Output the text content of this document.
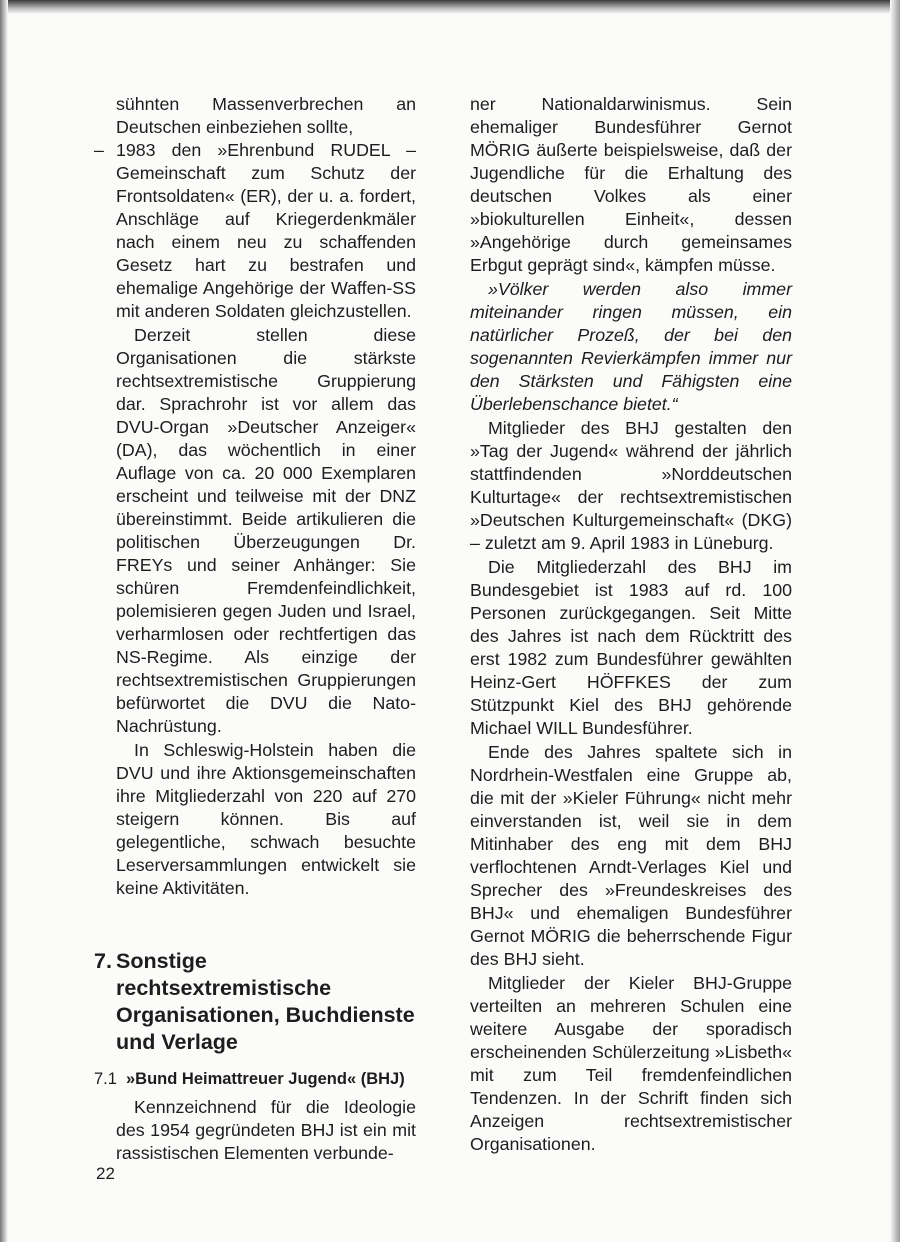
sühnten Massenverbrechen an Deutschen einbeziehen sollte,

– 1983 den »Ehrenbund RUDEL – Gemeinschaft zum Schutz der Frontsoldaten« (ER), der u. a. fordert, Anschläge auf Kriegerdenkmäler nach einem neu zu schaffenden Gesetz hart zu bestrafen und ehemalige Angehörige der Waffen-SS mit anderen Soldaten gleichzustellen.

Derzeit stellen diese Organisationen die stärkste rechtsextremistische Gruppierung dar. Sprachrohr ist vor allem das DVU-Organ »Deutscher Anzeiger« (DA), das wöchentlich in einer Auflage von ca. 20 000 Exemplaren erscheint und teilweise mit der DNZ übereinstimmt. Beide artikulieren die politischen Überzeugungen Dr. FREYs und seiner Anhänger: Sie schüren Fremdenfeindlichkeit, polemisieren gegen Juden und Israel, verharmlosen oder rechtfertigen das NS-Regime. Als einzige der rechtsextremistischen Gruppierungen befürwortet die DVU die Nato-Nachrüstung.

In Schleswig-Holstein haben die DVU und ihre Aktionsgemeinschaften ihre Mitgliederzahl von 220 auf 270 steigern können. Bis auf gelegentliche, schwach besuchte Leserversammlungen entwickelt sie keine Aktivitäten.

7. Sonstige rechtsextremistische Organisationen, Buchdienste und Verlage
7.1 »Bund Heimattreuer Jugend« (BHJ)

Kennzeichnend für die Ideologie des 1954 gegründeten BHJ ist ein mit rassistischen Elementen verbunde-

ner Nationaldarwinismus. Sein ehemaliger Bundesführer Gernot MÖRIG äußerte beispielsweise, daß der Jugendliche für die Erhaltung des deutschen Volkes als einer »biokulturellen Einheit«, dessen »Angehörige durch gemeinsames Erbgut geprägt sind«, kämpfen müsse.

»Völker werden also immer miteinander ringen müssen, ein natürlicher Prozeß, der bei den sogenannten Revierkämpfen immer nur den Stärksten und Fähigsten eine Überlebenschance bietet.“

Mitglieder des BHJ gestalten den »Tag der Jugend« während der jährlich stattfindenden »Norddeutschen Kulturtage« der rechtsextremistischen »Deutschen Kulturgemeinschaft« (DKG) – zuletzt am 9. April 1983 in Lüneburg.

Die Mitgliederzahl des BHJ im Bundesgebiet ist 1983 auf rd. 100 Personen zurückgegangen. Seit Mitte des Jahres ist nach dem Rücktritt des erst 1982 zum Bundesführer gewählten Heinz-Gert HÖFFKES der zum Stützpunkt Kiel des BHJ gehörende Michael WILL Bundesführer.

Ende des Jahres spaltete sich in Nordrhein-Westfalen eine Gruppe ab, die mit der »Kieler Führung« nicht mehr einverstanden ist, weil sie in dem Mitinhaber des eng mit dem BHJ verflochtenen Arndt-Verlages Kiel und Sprecher des »Freundeskreises des BHJ« und ehemaligen Bundesführer Gernot MÖRIG die beherrschende Figur des BHJ sieht.

Mitglieder der Kieler BHJ-Gruppe verteilten an mehreren Schulen eine weitere Ausgabe der sporadisch erscheinenden Schülerzeitung »Lisbeth« mit zum Teil fremdenfeindlichen Tendenzen. In der Schrift finden sich Anzeigen rechtsextremistischer Organisationen.

22
